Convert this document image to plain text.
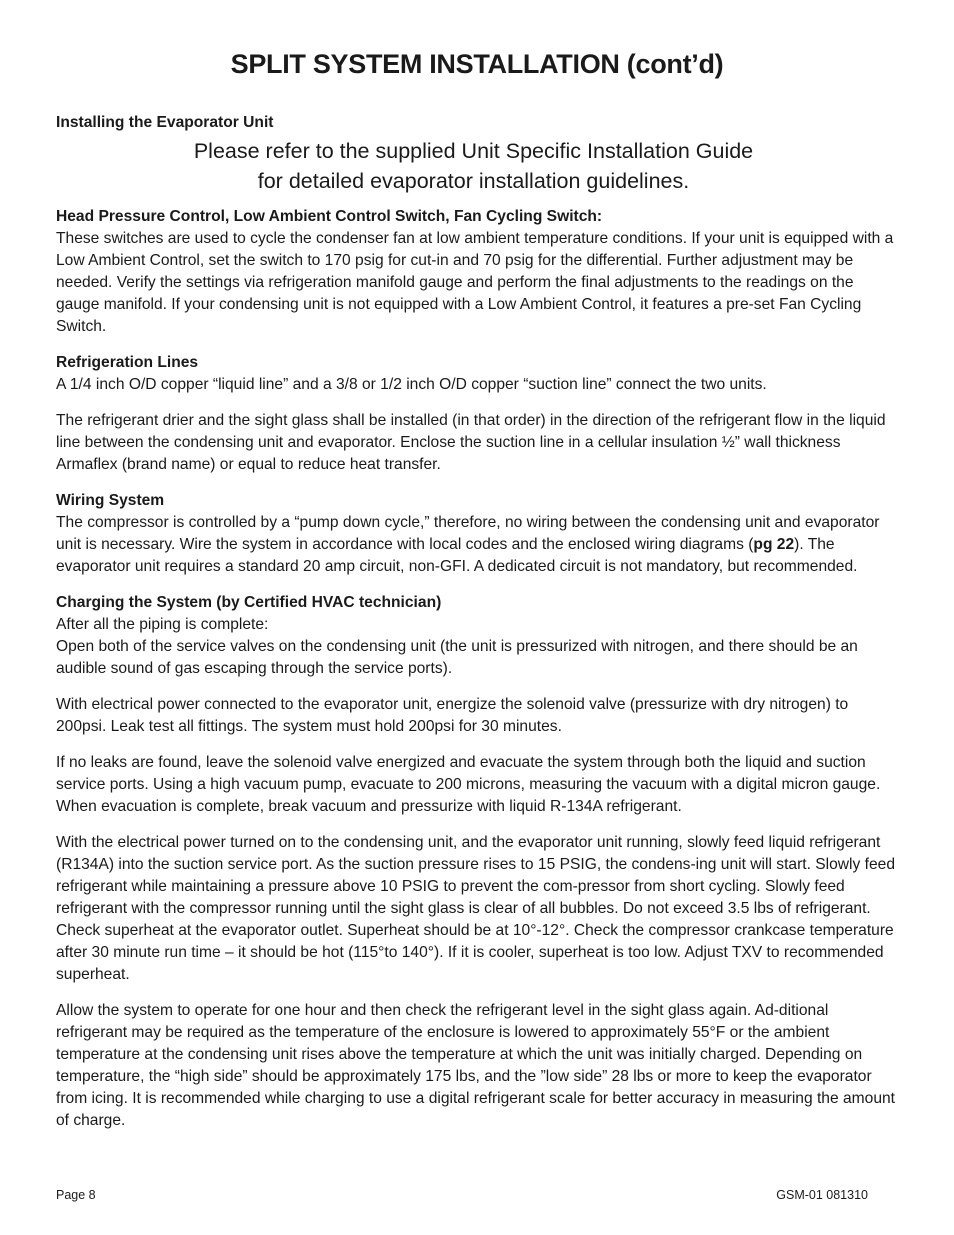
SPLIT SYSTEM INSTALLATION (cont’d)
Installing the Evaporator Unit

Please refer to the supplied Unit Specific Installation Guide
for detailed evaporator installation guidelines.

Head Pressure Control, Low Ambient Control Switch, Fan Cycling Switch:

These switches are used to cycle the condenser fan at low ambient temperature conditions. If your unit is equipped with a Low Ambient Control, set the switch to 170 psig for cut-in and 70 psig for the differential. Further adjustment may be needed. Verify the settings via refrigeration manifold gauge and perform the final adjustments to the readings on the gauge manifold. If your condensing unit is not equipped with a Low Ambient Control, it features a pre-set Fan Cycling Switch.

Refrigeration Lines

A 1/4 inch O/D copper “liquid line” and a 3/8 or 1/2 inch O/D copper “suction line” connect the two units.

The refrigerant drier and the sight glass shall be installed (in that order) in the direction of the refrigerant flow in the liquid line between the condensing unit and evaporator. Enclose the suction line in a cellular insulation ½” wall thickness Armaflex (brand name) or equal to reduce heat transfer.

Wiring System

The compressor is controlled by a “pump down cycle,” therefore, no wiring between the condensing unit and evaporator unit is necessary. Wire the system in accordance with local codes and the enclosed wiring diagrams (pg 22). The evaporator unit requires a standard 20 amp circuit, non-GFI. A dedicated circuit is not mandatory, but recommended.

Charging the System (by Certified HVAC technician)

After all the piping is complete:

Open both of the service valves on the condensing unit (the unit is pressurized with nitrogen, and there should be an audible sound of gas escaping through the service ports).

With electrical power connected to the evaporator unit, energize the solenoid valve (pressurize with dry nitrogen) to 200psi. Leak test all fittings. The system must hold 200psi for 30 minutes.

If no leaks are found, leave the solenoid valve energized and evacuate the system through both the liquid and suction service ports. Using a high vacuum pump, evacuate to 200 microns, measuring the vacuum with a digital micron gauge. When evacuation is complete, break vacuum and pressurize with liquid R-134A refrigerant.

With the electrical power turned on to the condensing unit, and the evaporator unit running, slowly feed liquid refrigerant (R134A) into the suction service port. As the suction pressure rises to 15 PSIG, the condens-ing unit will start. Slowly feed refrigerant while maintaining a pressure above 10 PSIG to prevent the com-pressor from short cycling. Slowly feed refrigerant with the compressor running until the sight glass is clear of all bubbles. Do not exceed 3.5 lbs of refrigerant. Check superheat at the evaporator outlet. Superheat should be at 10°-12°. Check the compressor crankcase temperature after 30 minute run time – it should be hot (115°to 140°). If it is cooler, superheat is too low. Adjust TXV to recommended superheat.

Allow the system to operate for one hour and then check the refrigerant level in the sight glass again. Ad-ditional refrigerant may be required as the temperature of the enclosure is lowered to approximately 55°F or the ambient temperature at the condensing unit rises above the temperature at which the unit was initially charged. Depending on temperature, the “high side” should be approximately 175 lbs, and the ”low side” 28 lbs or more to keep the evaporator from icing. It is recommended while charging to use a digital refrigerant scale for better accuracy in measuring the amount of charge.

Page 8	GSM-01 081310
